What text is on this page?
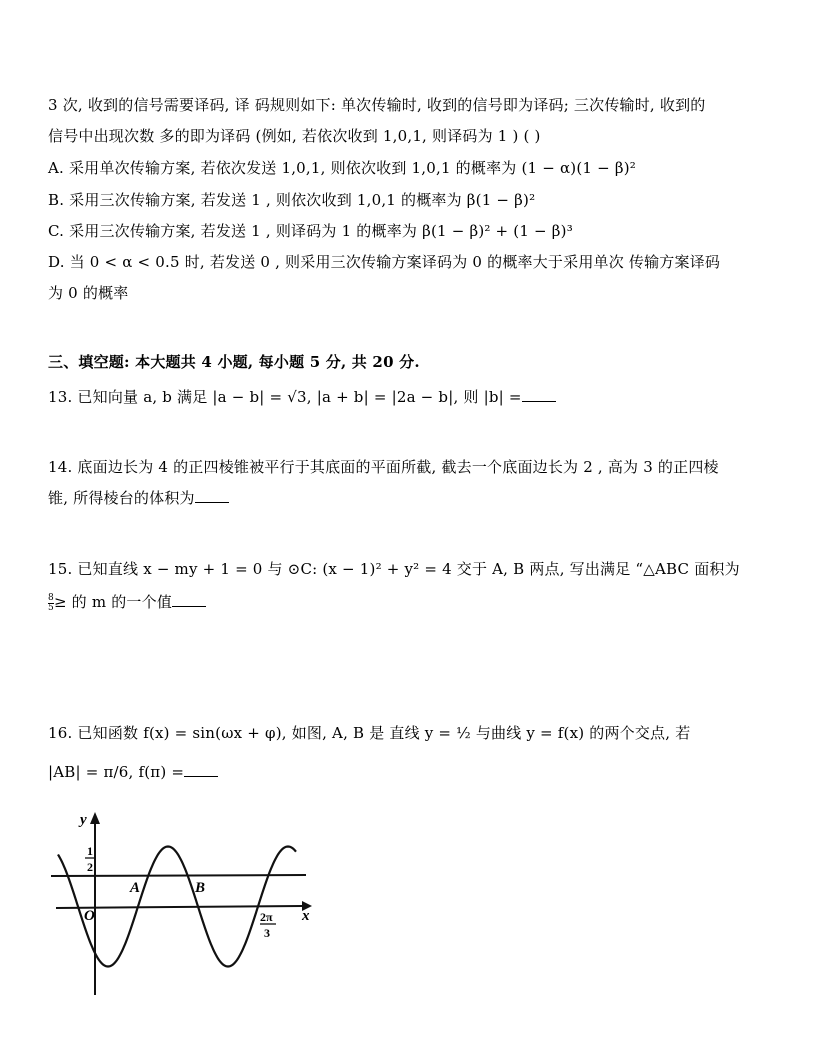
3 次, 收到的信号需要译码, 译 码规则如下: 单次传输时, 收到的信号即为译码; 三次传输时, 收到的
信号中出现次数 多的即为译码 (例如, 若依次收到 1,0,1, 则译码为 1 ) ( )
A. 采用单次传输方案, 若依次发送 1,0,1, 则依次收到 1,0,1 的概率为 (1 − α)(1 − β)²
B. 采用三次传输方案, 若发送 1 , 则依次收到 1,0,1 的概率为 β(1 − β)²
C. 采用三次传输方案, 若发送 1 , 则译码为 1 的概率为 β(1 − β)² + (1 − β)³
D. 当 0 < α < 0.5 时, 若发送 0 , 则采用三次传输方案译码为 0 的概率大于采用单次 传输方案译码
为 0 的概率
三、填空题: 本大题共 4 小题, 每小题 5 分, 共 20 分.
13. 已知向量 a, b 满足 |a − b| = √3, |a + b| = |2a − b|, 则 |b| =
14. 底面边长为 4 的正四棱锥被平行于其底面的平面所截, 截去一个底面边长为 2 , 高为 3 的正四棱
锥, 所得棱台的体积为
15. 已知直线 x − my + 1 = 0 与 ⊙C: (x − 1)² + y² = 4 交于 A, B 两点, 写出满足 “△ABC 面积为
$\frac{8}{5}$ ≥ 的 m 的一个值
16. 已知函数 f(x) = sin(ωx + φ), 如图, A, B 是 直线 y = ½ 与曲线 y = f(x) 的两个交点, 若
|AB| = π/6, f(π) =
y
x
O
1
2
A	B
2π
3
